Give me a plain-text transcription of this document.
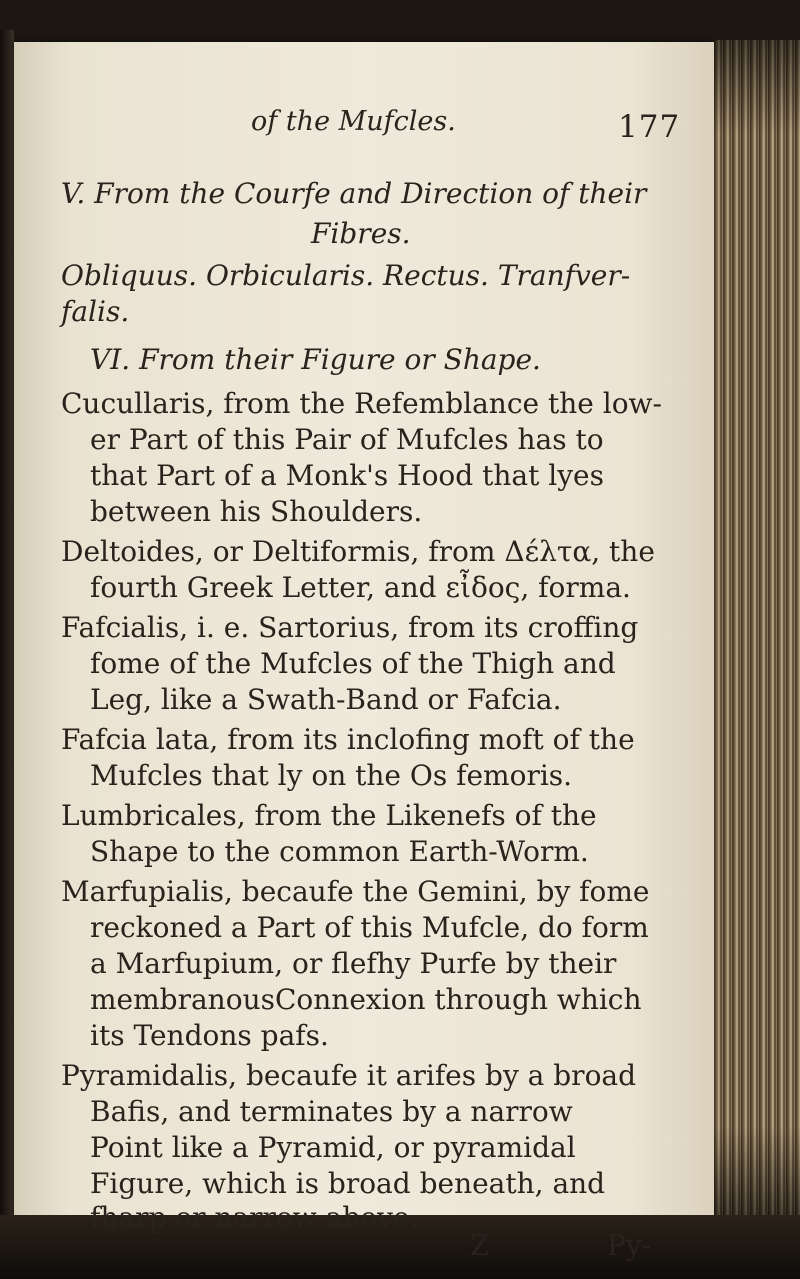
of the Mufcles.	177
V. From the Courfe and Direction of their
Fibres.
Obliquus. Orbicularis. Rectus. Tranfver-
falis.
VI. From their Figure or Shape.
Cucullaris, from the Refemblance the low-
er Part of this Pair of Mufcles has to
that Part of a Monk's Hood that lyes
between his Shoulders.
Deltoides, or Deltiformis, from Δέλτα, the
fourth Greek Letter, and εἶδος, forma.
Fafcialis, i. e. Sartorius, from its croffing
fome of the Mufcles of the Thigh and
Leg, like a Swath-Band or Fafcia.
Fafcia lata, from its inclofing moft of the
Mufcles that ly on the Os femoris.
Lumbricales, from the Likenefs of the
Shape to the common Earth-Worm.
Marfupialis, becaufe the Gemini, by fome
reckoned a Part of this Mufcle, do form
a Marfupium, or flefhy Purfe by their
membranousConnexion through which
its Tendons pafs.
Pyramidalis, becaufe it arifes by a broad
Bafis, and terminates by a narrow
Point like a Pyramid, or pyramidal
Figure, which is broad beneath, and
fharp or narrow above.
Z	Py-
